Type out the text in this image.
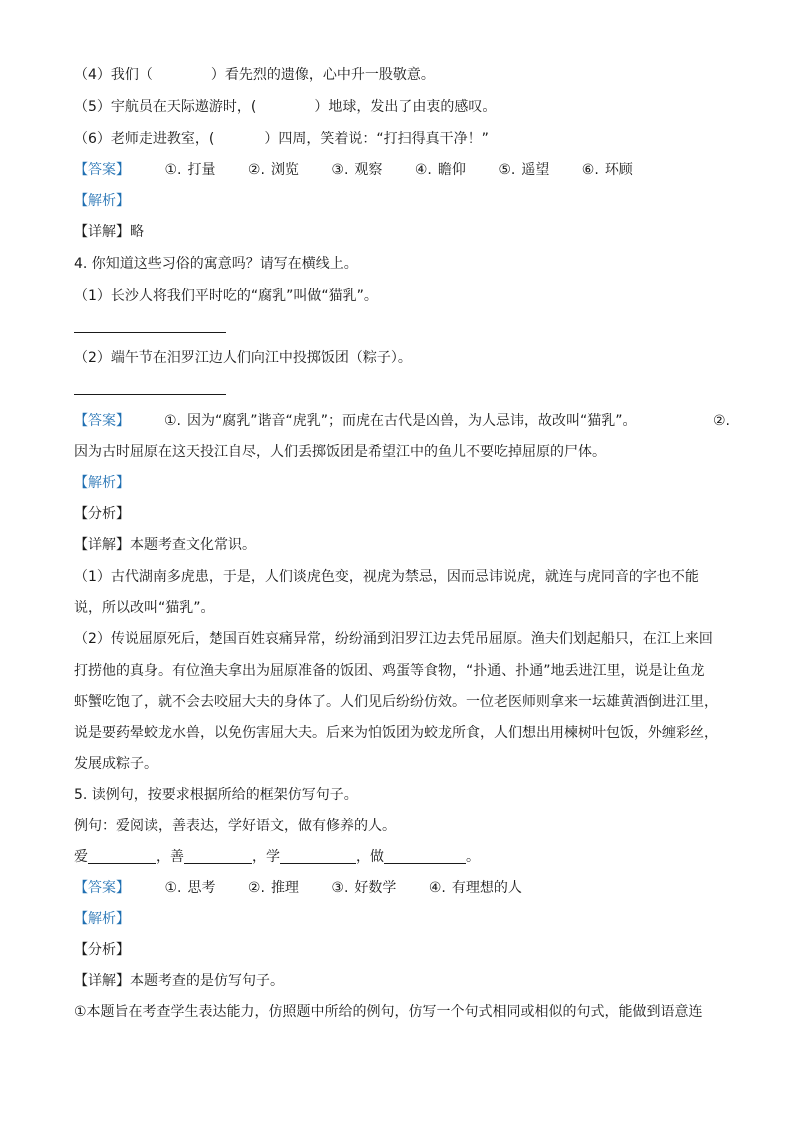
（4）我们（	）看先烈的遗像，心中升一股敬意。
（5）宇航员在天际遨游时，(	）地球，发出了由衷的感叹。
（6）老师走进教室，(	）四周，笑着说：“打扫得真干净！”
【答案】 ①. 打量 ②. 浏览 ③. 观察 ④. 瞻仰 ⑤. 遥望 ⑥. 环顾
【解析】
【详解】略
4. 你知道这些习俗的寓意吗？请写在横线上。
（1）长沙人将我们平时吃的“腐乳”叫做“猫乳”。
（2）端午节在汨罗江边人们向江中投掷饭团（粽子）。
【答案】 ①. 因为“腐乳”谐音“虎乳”；而虎在古代是凶兽，为人忌讳，故改叫“猫乳”。	②.
因为古时屈原在这天投江自尽，人们丢掷饭团是希望江中的鱼儿不要吃掉屈原的尸体。
【解析】
【分析】
【详解】本题考查文化常识。
（1）古代湖南多虎患，于是，人们谈虎色变，视虎为禁忌，因而忌讳说虎，就连与虎同音的字也不能
说，所以改叫“猫乳”。
（2）传说屈原死后，楚国百姓哀痛异常，纷纷涌到汨罗江边去凭吊屈原。渔夫们划起船只，在江上来回
打捞他的真身。有位渔夫拿出为屈原准备的饭团、鸡蛋等食物，“扑通、扑通”地丢进江里，说是让鱼龙
虾蟹吃饱了，就不会去咬屈大夫的身体了。人们见后纷纷仿效。一位老医师则拿来一坛雄黄酒倒进江里，
说是要药晕蛟龙水兽，以免伤害屈大夫。后来为怕饭团为蛟龙所食，人们想出用楝树叶包饭，外缠彩丝，
发展成粽子。
5. 读例句，按要求根据所给的框架仿写句子。
例句：爱阅读，善表达，学好语文，做有修养的人。
爱	，善	，学	，做	。
【答案】 ①. 思考 ②. 推理 ③. 好数学 ④. 有理想的人
【解析】
【分析】
【详解】本题考查的是仿写句子。
①本题旨在考查学生表达能力，仿照题中所给的例句，仿写一个句式相同或相似的句式，能做到语意连
